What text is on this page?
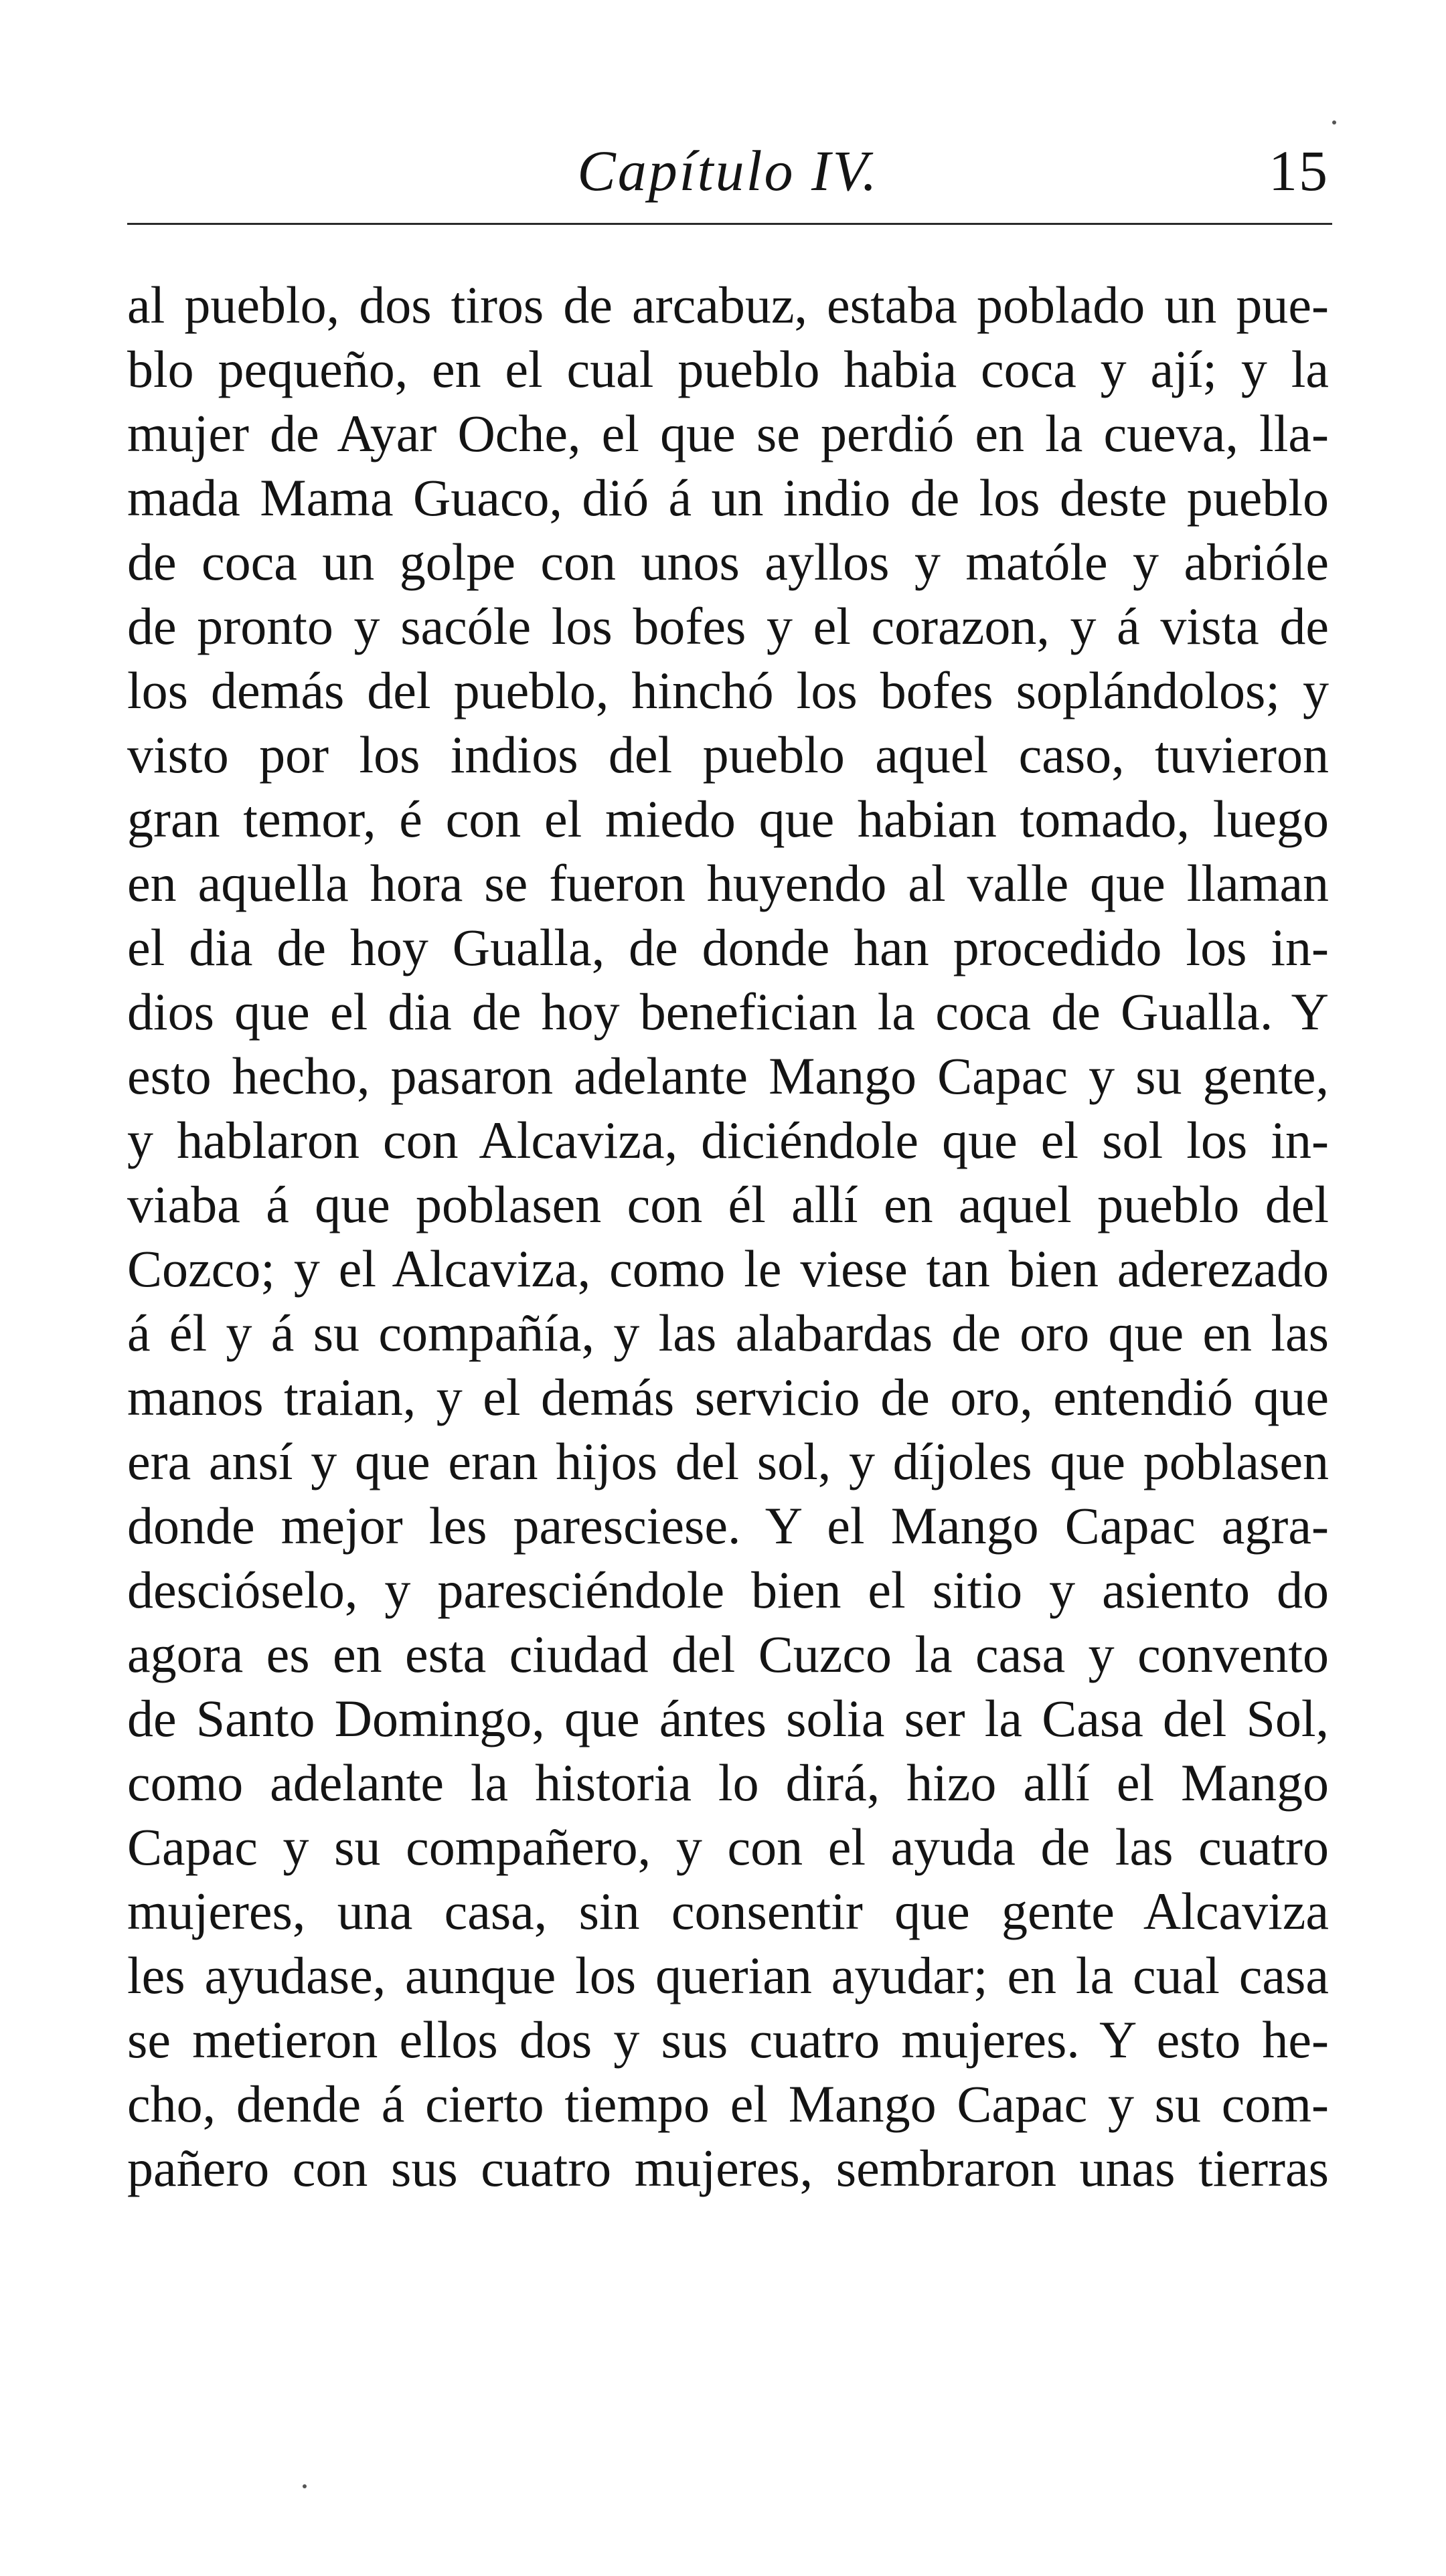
Capítulo IV.	15
al pueblo, dos tiros de arcabuz, estaba poblado un pue-
blo pequeño, en el cual pueblo habia coca y ají; y la
mujer de Ayar Oche, el que se perdió en la cueva, lla-
mada Mama Guaco, dió á un indio de los deste pueblo
de coca un golpe con unos ayllos y matóle y abrióle
de pronto y sacóle los bofes y el corazon, y á vista de
los demás del pueblo, hinchó los bofes soplándolos; y
visto por los indios del pueblo aquel caso, tuvieron
gran temor, é con el miedo que habian tomado, luego
en aquella hora se fueron huyendo al valle que llaman
el dia de hoy Gualla, de donde han procedido los in-
dios que el dia de hoy benefician la coca de Gualla. Y
esto hecho, pasaron adelante Mango Capac y su gente,
y hablaron con Alcaviza, diciéndole que el sol los in-
viaba á que poblasen con él allí en aquel pueblo del
Cozco; y el Alcaviza, como le viese tan bien aderezado
á él y á su compañía, y las alabardas de oro que en las
manos traian, y el demás servicio de oro, entendió que
era ansí y que eran hijos del sol, y díjoles que poblasen
donde mejor les paresciese. Y el Mango Capac agra-
descióselo, y paresciéndole bien el sitio y asiento do
agora es en esta ciudad del Cuzco la casa y convento
de Santo Domingo, que ántes solia ser la Casa del Sol,
como adelante la historia lo dirá, hizo allí el Mango
Capac y su compañero, y con el ayuda de las cuatro
mujeres, una casa, sin consentir que gente Alcaviza
les ayudase, aunque los querian ayudar; en la cual casa
se metieron ellos dos y sus cuatro mujeres. Y esto he-
cho, dende á cierto tiempo el Mango Capac y su com-
pañero con sus cuatro mujeres, sembraron unas tierras
